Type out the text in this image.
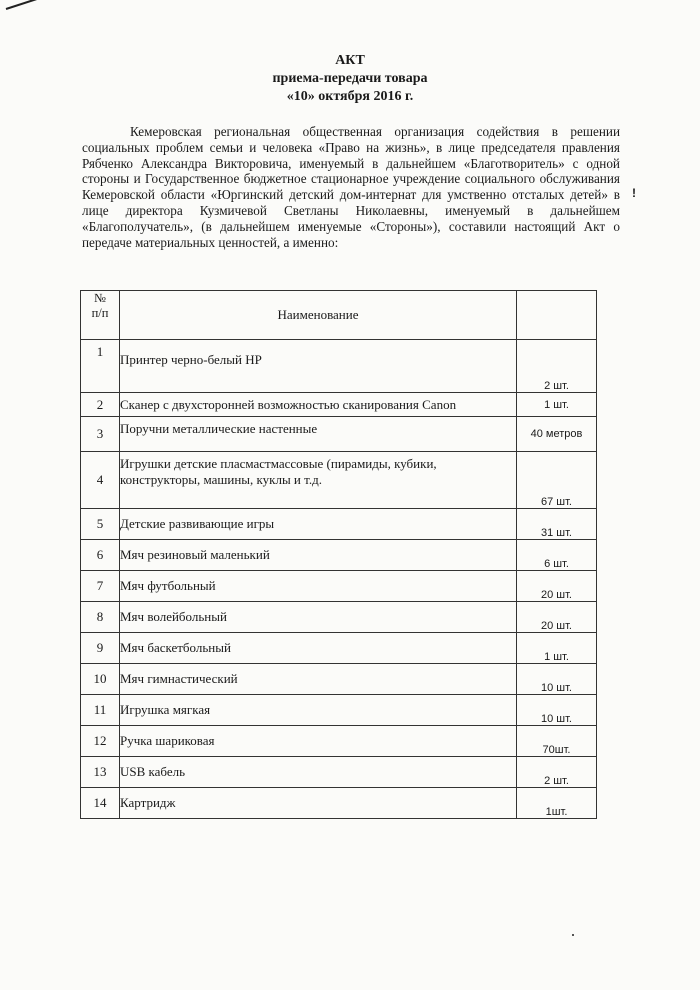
!
АКТ
приема-передачи товара
«10» октября 2016 г.
Кемеровская региональная общественная организация содействия в решении социальных проблем семьи и человека «Право на жизнь», в лице председателя правления Рябченко Александра Викторовича, именуемый в дальнейшем «Благотворитель» с одной стороны и Государственное бюджетное стационарное учреждение социального обслуживания Кемеровской области «Юргинский детский дом-интернат для умственно отсталых детей» в лице директора Кузмичевой Светланы Николаевны, именуемый в дальнейшем «Благополучатель», (в дальнейшем именуемые «Стороны»), составили настоящий Акт о передаче материальных ценностей, а именно:
№
п/п	Наименование	
1	Принтер черно-белый HP	2 шт.
2	Сканер с двухсторонней возможностью сканирования Canon	1 шт.
3	Поручни металлические настенные	40 метров
4	Игрушки детские пласмастмассовые (пирамиды, кубики, конструкторы, машины, куклы и т.д.	67 шт.
5	Детские развивающие игры	31 шт.
6	Мяч резиновый маленький	6 шт.
7	Мяч футбольный	20 шт.
8	Мяч волейбольный	20 шт.
9	Мяч баскетбольный	1 шт.
10	Мяч гимнастический	10 шт.
11	Игрушка мягкая	10 шт.
12	Ручка шариковая	70шт.
13	USB кабель	2 шт.
14	Картридж	1шт.
